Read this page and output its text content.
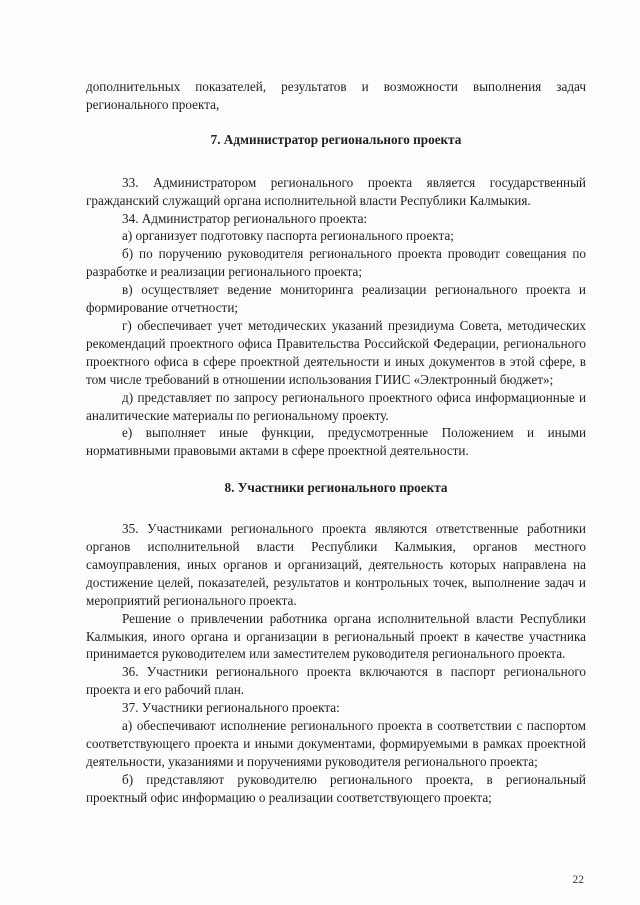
дополнительных показателей, результатов и возможности выполнения задач регионального проекта,

7. Администратор регионального проекта

33. Администратором регионального проекта является государственный гражданский служащий органа исполнительной власти Республики Калмыкия.

34. Администратор регионального проекта:

а) организует подготовку паспорта регионального проекта;

б) по поручению руководителя регионального проекта проводит совещания по разработке и реализации регионального проекта;

в) осуществляет ведение мониторинга реализации регионального проекта и формирование отчетности;

г) обеспечивает учет методических указаний президиума Совета, методических рекомендаций проектного офиса Правительства Российской Федерации, регионального проектного офиса в сфере проектной деятельности и иных документов в этой сфере, в том числе требований в отношении использования ГИИС «Электронный бюджет»;

д) представляет по запросу регионального проектного офиса информационные и аналитические материалы по региональному проекту.

е) выполняет иные функции, предусмотренные Положением и иными нормативными правовыми актами в сфере проектной деятельности.

8. Участники регионального проекта

35. Участниками регионального проекта являются ответственные работники органов исполнительной власти Республики Калмыкия, органов местного самоуправления, иных органов и организаций, деятельность которых направлена на достижение целей, показателей, результатов и контрольных точек, выполнение задач и мероприятий регионального проекта.

Решение о привлечении работника органа исполнительной власти Республики Калмыкия, иного органа и организации в региональный проект в качестве участника принимается руководителем или заместителем руководителя регионального проекта.

36. Участники регионального проекта включаются в паспорт регионального проекта и его рабочий план.

37. Участники регионального проекта:

а) обеспечивают исполнение регионального проекта в соответствии с паспортом соответствующего проекта и иными документами, формируемыми в рамках проектной деятельности, указаниями и поручениями руководителя регионального проекта;

б) представляют руководителю регионального проекта, в региональный проектный офис информацию о реализации соответствующего проекта;

22
